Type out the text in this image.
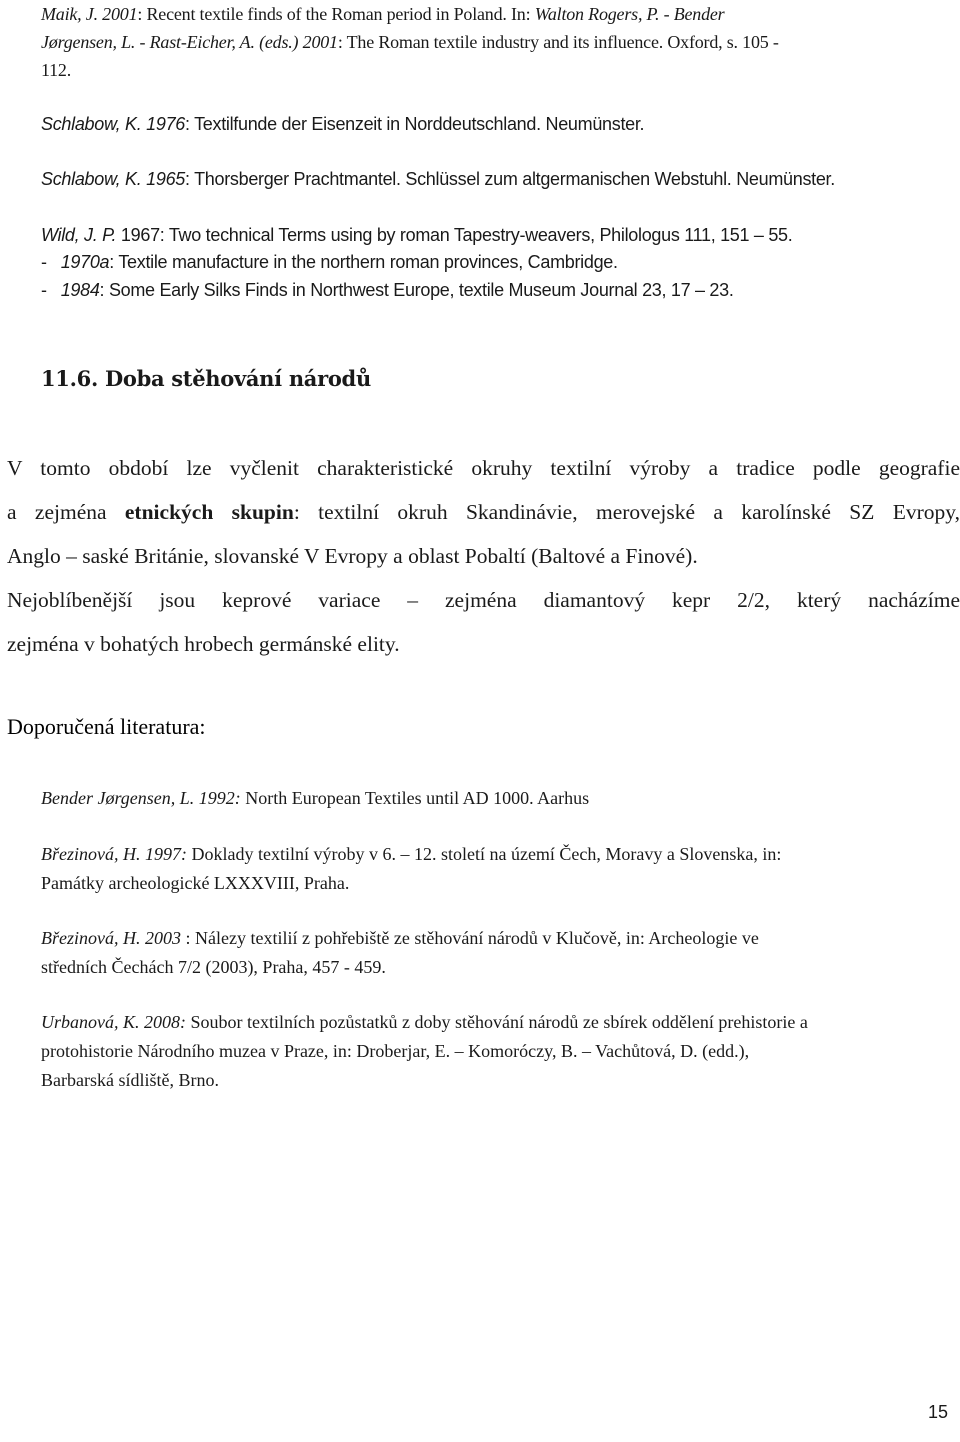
Maik, J. 2001: Recent textile finds of the Roman period in Poland. In: Walton Rogers, P. - Bender
Jørgensen, L. - Rast-Eicher, A. (eds.) 2001: The Roman textile industry and its influence. Oxford, s. 105 -
112.
Schlabow, K. 1976: Textilfunde der Eisenzeit in Norddeutschland. Neumünster.
Schlabow, K. 1965: Thorsberger Prachtmantel. Schlüssel zum altgermanischen Webstuhl. Neumünster.
Wild, J. P. 1967: Two technical Terms using by roman Tapestry-weavers, Philologus 111, 151 – 55.
- 1970a: Textile manufacture in the northern roman provinces, Cambridge.
- 1984: Some Early Silks Finds in Northwest Europe, textile Museum Journal 23, 17 – 23.
11.6. Doba stěhování národů
V tomto období lze vyčlenit charakteristické okruhy textilní výroby a tradice podle geografie
a zejména etnických skupin: textilní okruh Skandinávie, merovejské a karolínské SZ Evropy,
Anglo – saské Británie, slovanské V Evropy a oblast Pobaltí (Baltové a Finové).
Nejoblíbenější jsou keprové variace – zejména diamantový kepr 2/2, který nacházíme
zejména v bohatých hrobech germánské elity.
Doporučená literatura:
Bender Jørgensen, L. 1992: North European Textiles until AD 1000. Aarhus
Březinová, H. 1997: Doklady textilní výroby v 6. – 12. století na území Čech, Moravy a Slovenska, in:
Památky archeologické LXXXVIII, Praha.
Březinová, H. 2003 : Nálezy textilií z pohřebiště ze stěhování národů v Klučově, in: Archeologie ve
středních Čechách 7/2 (2003), Praha, 457 - 459.
Urbanová, K. 2008: Soubor textilních pozůstatků z doby stěhování národů ze sbírek oddělení prehistorie a
protohistorie Národního muzea v Praze, in: Droberjar, E. – Komoróczy, B. – Vachůtová, D. (edd.),
Barbarská sídliště, Brno.
15
